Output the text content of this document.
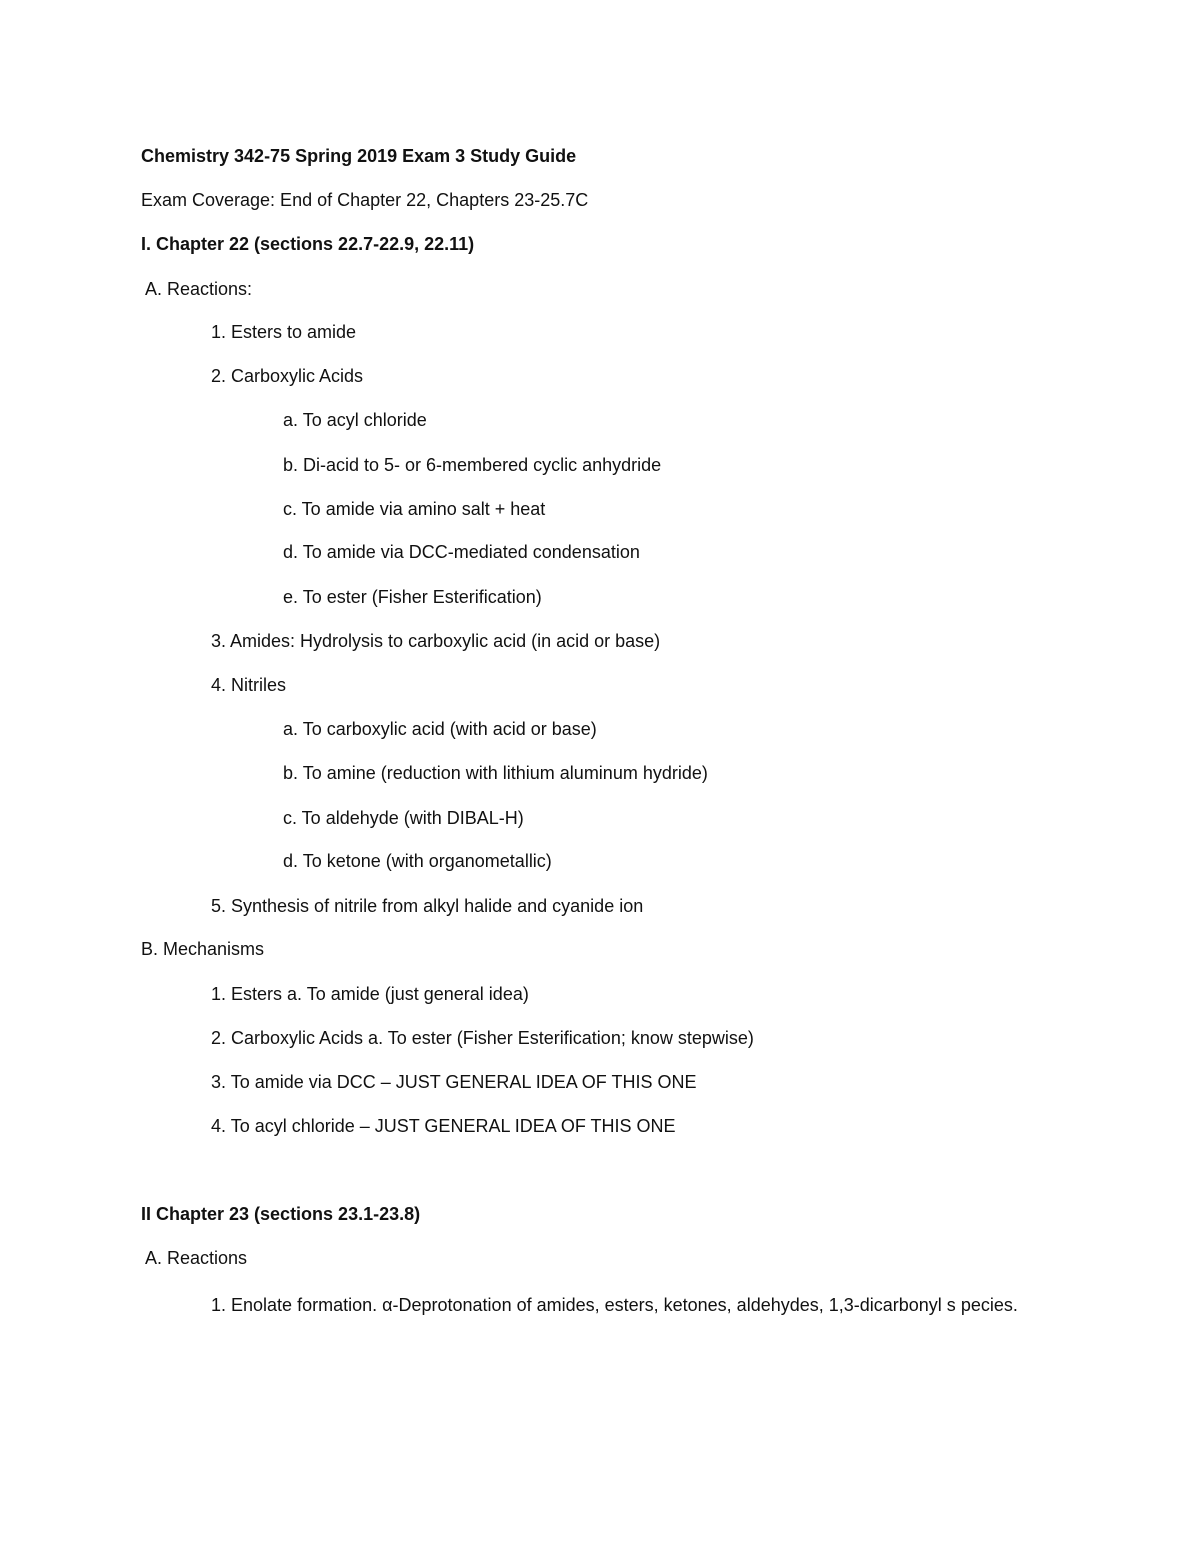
Chemistry 342-75 Spring 2019 Exam 3 Study Guide
Exam Coverage: End of Chapter 22, Chapters 23-25.7C
I. Chapter 22 (sections 22.7-22.9, 22.11)
A. Reactions:
1. Esters to amide
2. Carboxylic Acids
a. To acyl chloride
b. Di-acid to 5- or 6-membered cyclic anhydride
c. To amide via amino salt + heat
d. To amide via DCC-mediated condensation
e. To ester (Fisher Esterification)
3. Amides: Hydrolysis to carboxylic acid (in acid or base)
4. Nitriles
a. To carboxylic acid (with acid or base)
b. To amine (reduction with lithium aluminum hydride)
c. To aldehyde (with DIBAL-H)
d. To ketone (with organometallic)
5. Synthesis of nitrile from alkyl halide and cyanide ion
B. Mechanisms
1. Esters a. To amide (just general idea)
2. Carboxylic Acids a. To ester (Fisher Esterification; know stepwise)
3. To amide via DCC – JUST GENERAL IDEA OF THIS ONE
4. To acyl chloride – JUST GENERAL IDEA OF THIS ONE
II Chapter 23 (sections 23.1-23.8)
A. Reactions
1. Enolate formation. α-Deprotonation of amides, esters, ketones, aldehydes, 1,3-dicarbonyl s pecies.
